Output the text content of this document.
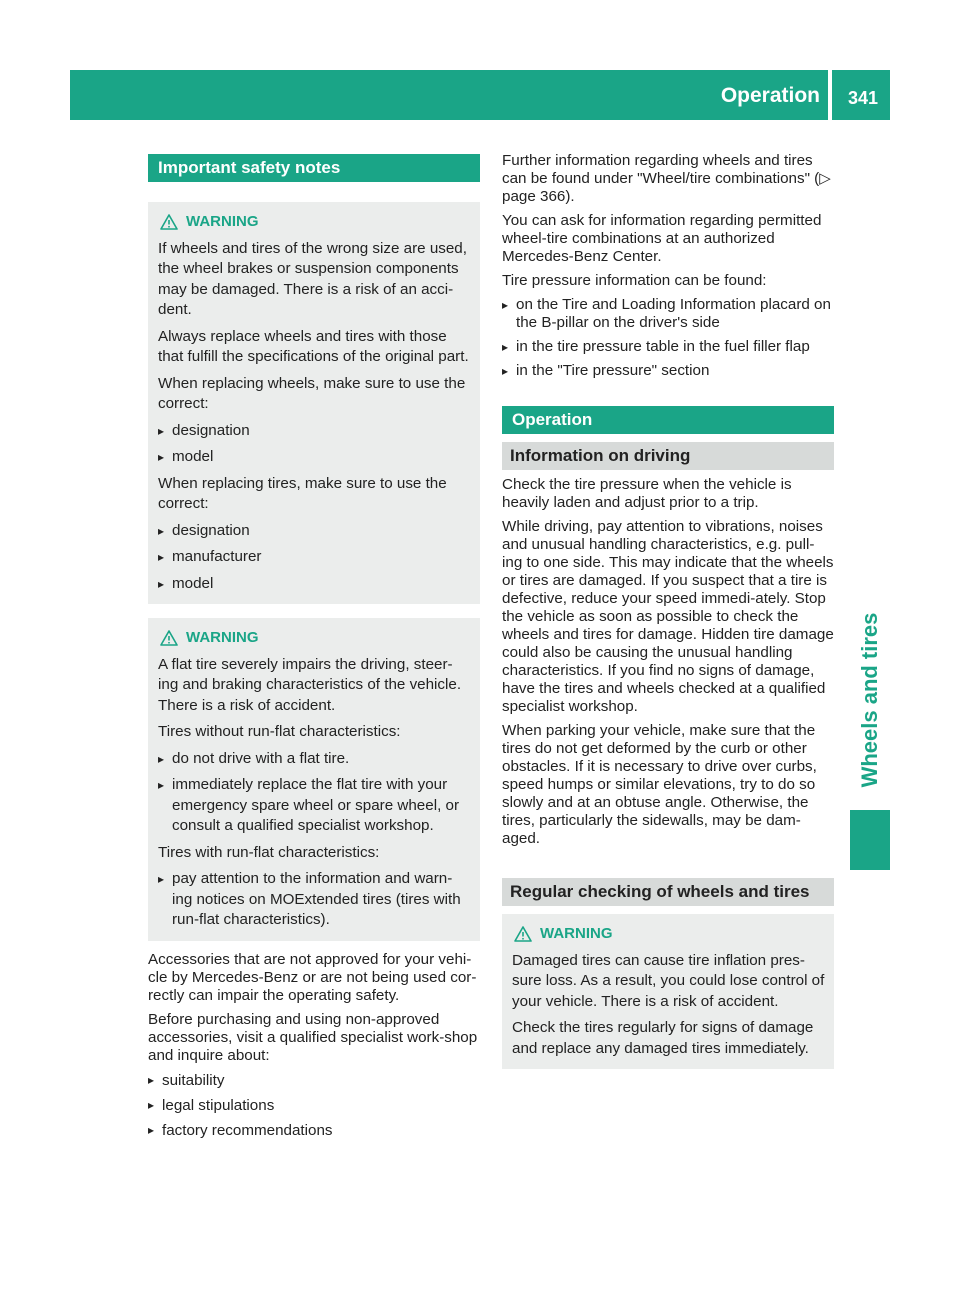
Operation	341
Wheels and tires
Important safety notes
WARNING
If wheels and tires of the wrong size are used, the wheel brakes or suspension components may be damaged. There is a risk of an acci-dent.
Always replace wheels and tires with those that fulfill the specifications of the original part.
When replacing wheels, make sure to use the correct:
▸ designation
▸ model
When replacing tires, make sure to use the correct:
▸ designation
▸ manufacturer
▸ model
WARNING
A flat tire severely impairs the driving, steer-ing and braking characteristics of the vehicle. There is a risk of accident.
Tires without run-flat characteristics:
▸ do not drive with a flat tire.
▸ immediately replace the flat tire with your emergency spare wheel or spare wheel, or consult a qualified specialist workshop.
Tires with run-flat characteristics:
▸ pay attention to the information and warn-ing notices on MOExtended tires (tires with run-flat characteristics).
Accessories that are not approved for your vehi-cle by Mercedes-Benz or are not being used cor-rectly can impair the operating safety.
Before purchasing and using non-approved accessories, visit a qualified specialist work-shop and inquire about:
▸ suitability
▸ legal stipulations
▸ factory recommendations
Further information regarding wheels and tires can be found under "Wheel/tire combinations" (▷ page 366).
You can ask for information regarding permitted wheel-tire combinations at an authorized Mercedes-Benz Center.
Tire pressure information can be found:
▸ on the Tire and Loading Information placard on the B-pillar on the driver's side
▸ in the tire pressure table in the fuel filler flap
▸ in the "Tire pressure" section
Operation
Information on driving
Check the tire pressure when the vehicle is heavily laden and adjust prior to a trip.
While driving, pay attention to vibrations, noises and unusual handling characteristics, e.g. pull-ing to one side. This may indicate that the wheels or tires are damaged. If you suspect that a tire is defective, reduce your speed immedi-ately. Stop the vehicle as soon as possible to check the wheels and tires for damage. Hidden tire damage could also be causing the unusual handling characteristics. If you find no signs of damage, have the tires and wheels checked at a qualified specialist workshop.
When parking your vehicle, make sure that the tires do not get deformed by the curb or other obstacles. If it is necessary to drive over curbs, speed humps or similar elevations, try to do so slowly and at an obtuse angle. Otherwise, the tires, particularly the sidewalls, may be dam-aged.
Regular checking of wheels and tires
WARNING
Damaged tires can cause tire inflation pres-sure loss. As a result, you could lose control of your vehicle. There is a risk of accident.
Check the tires regularly for signs of damage and replace any damaged tires immediately.
